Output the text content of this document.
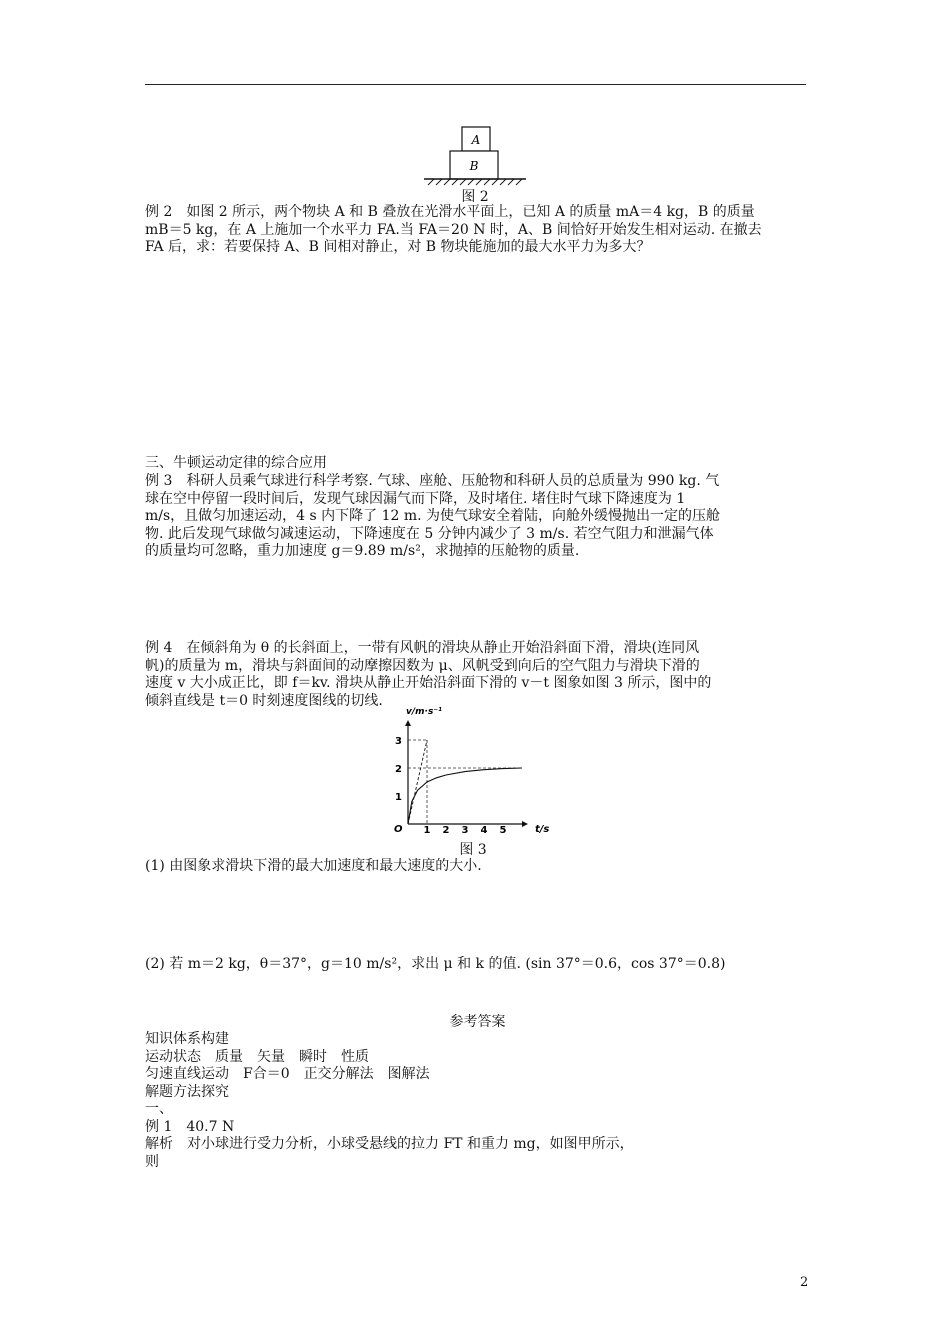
A
B
图 2
例 2　如图 2 所示，两个物块 A 和 B 叠放在光滑水平面上，已知 A 的质量 mA＝4 kg，B 的质量
mB＝5 kg，在 A 上施加一个水平力 FA.当 FA＝20 N 时，A、B 间恰好开始发生相对运动. 在撤去
FA 后，求：若要保持 A、B 间相对静止，对 B 物块能施加的最大水平力为多大？
三、牛顿运动定律的综合应用
例 3　科研人员乘气球进行科学考察. 气球、座舱、压舱物和科研人员的总质量为 990 kg. 气
球在空中停留一段时间后，发现气球因漏气而下降，及时堵住. 堵住时气球下降速度为 1
m/s，且做匀加速运动，4 s 内下降了 12 m. 为使气球安全着陆，向舱外缓慢抛出一定的压舱
物. 此后发现气球做匀减速运动，下降速度在 5 分钟内减少了 3 m/s. 若空气阻力和泄漏气体
的质量均可忽略，重力加速度 g＝9.89 m/s²，求抛掉的压舱物的质量.
例 4　在倾斜角为 θ 的长斜面上，一带有风帆的滑块从静止开始沿斜面下滑，滑块(连同风
帆)的质量为 m，滑块与斜面间的动摩擦因数为 μ、风帆受到向后的空气阻力与滑块下滑的
速度 v 大小成正比，即 f＝kv. 滑块从静止开始沿斜面下滑的 v－t 图象如图 3 所示，图中的
倾斜直线是 t＝0 时刻速度图线的切线.
1 2 3 4 5
1
2
3
v/m·s⁻¹
t/s
O
图 3
(1) 由图象求滑块下滑的最大加速度和最大速度的大小.
(2) 若 m＝2 kg，θ＝37°，g＝10 m/s²，求出 μ 和 k 的值. (sin 37°＝0.6，cos 37°＝0.8)
参考答案
知识体系构建
运动状态　质量　矢量　瞬时　性质
匀速直线运动　F合＝0　正交分解法　图解法
解题方法探究
一、
例 1　40.7 N
解析　对小球进行受力分析，小球受悬线的拉力 FT 和重力 mg，如图甲所示，
则
2
